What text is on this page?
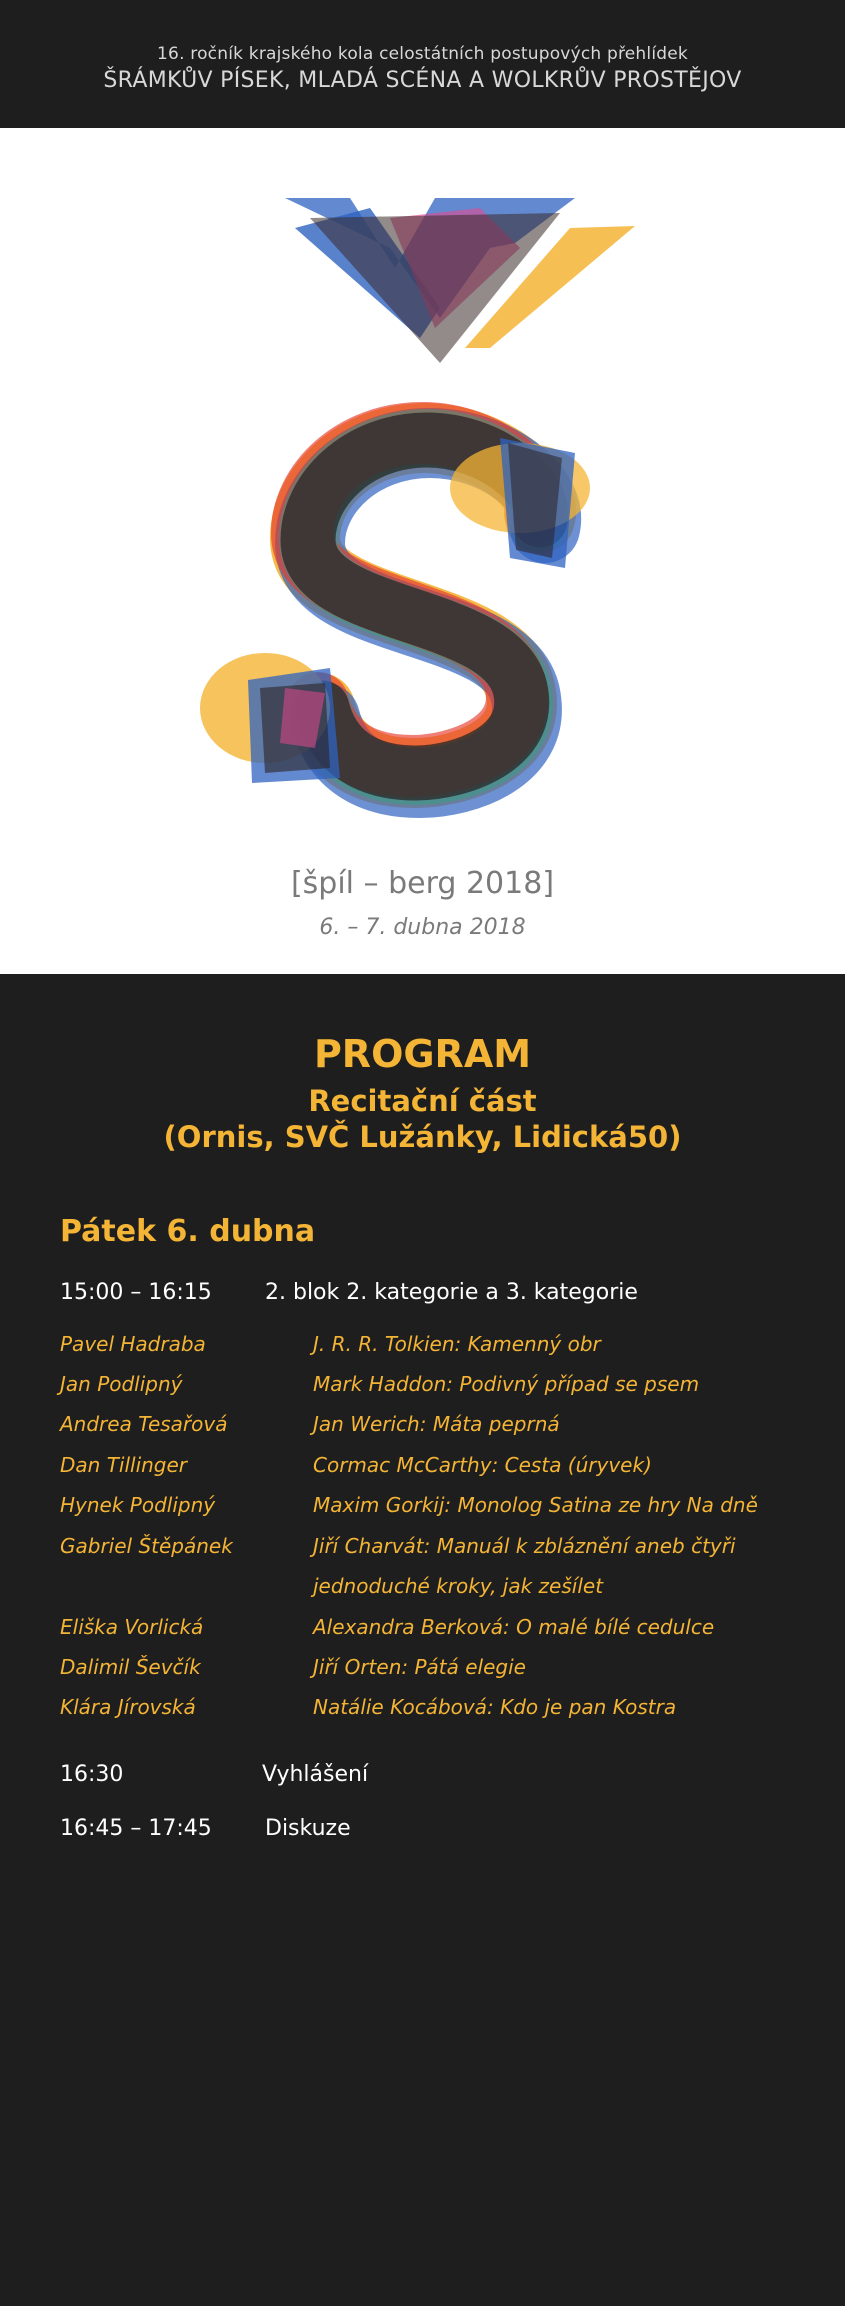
16. ročník krajského kola celostátních postupových přehlídek
ŠRÁMKŮV PÍSEK, MLADÁ SCÉNA A WOLKRŮV PROSTĚJOV
[špíl – berg 2018]
6. – 7. dubna 2018
PROGRAM
Recitační část
(Ornis, SVČ Lužánky, Lidická50)
Pátek 6. dubna
15:00 – 16:15 2. blok 2. kategorie a 3. kategorie
Pavel Hadraba	J. R. R. Tolkien: Kamenný obr
Jan Podlipný	Mark Haddon: Podivný případ se psem
Andrea Tesařová	Jan Werich: Máta peprná
Dan Tillinger	Cormac McCarthy: Cesta (úryvek)
Hynek Podlipný	Maxim Gorkij: Monolog Satina ze hry Na dně
Gabriel Štěpánek	Jiří Charvát: Manuál k zbláznění aneb čtyři
jednoduché kroky, jak zešílet
Eliška Vorlická	Alexandra Berková: O malé bílé cedulce
Dalimil Ševčík	Jiří Orten: Pátá elegie
Klára Jírovská	Natálie Kocábová: Kdo je pan Kostra
16:30	Vyhlášení
16:45 – 17:45 Diskuze
